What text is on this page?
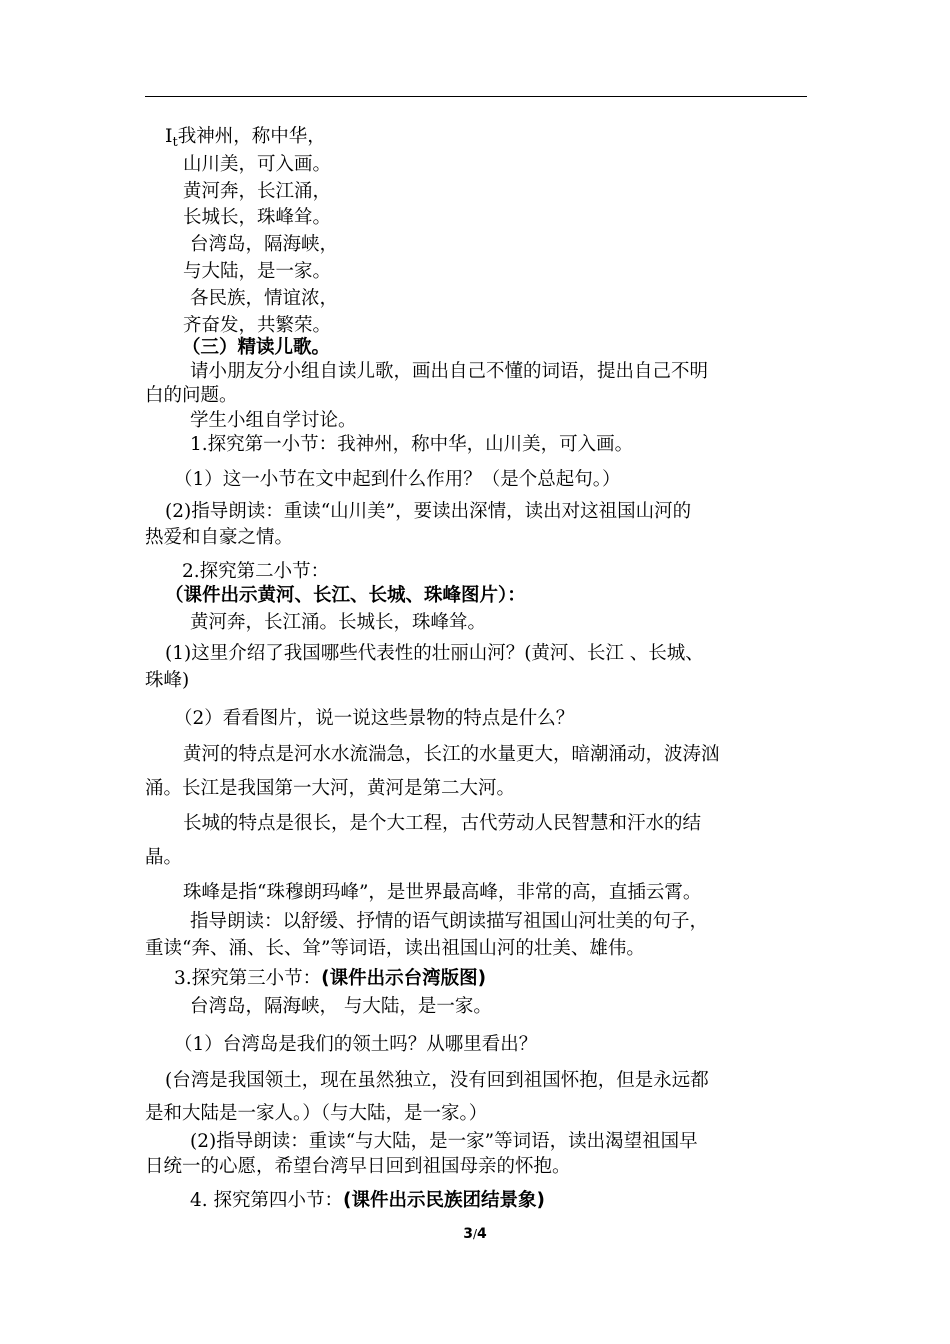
$I_t$我神州，称中华，
山川美，可入画。
黄河奔，长江涌，
长城长，珠峰耸。
台湾岛，隔海峡，
与大陆，是一家。
各民族，情谊浓，
齐奋发，共繁荣。
（三）精读儿歌。
请小朋友分小组自读儿歌，画出自己不懂的词语，提出自己不明
白的问题。
学生小组自学讨论。
1.探究第一小节：我神州，称中华，山川美，可入画。
（1）这一小节在文中起到什么作用？（是个总起句。）
(2)指导朗读：重读“山川美”，要读出深情，读出对这祖国山河的
热爱和自豪之情。
2.探究第二小节：
（课件出示黄河、长江、长城、珠峰图片）：
黄河奔，长江涌。长城长，珠峰耸。
(1)这里介绍了我国哪些代表性的壮丽山河？(黄河、长江 、长城、
珠峰)
（2）看看图片，说一说这些景物的特点是什么？
黄河的特点是河水水流湍急，长江的水量更大，暗潮涌动，波涛汹
涌。长江是我国第一大河，黄河是第二大河。
长城的特点是很长，是个大工程，古代劳动人民智慧和汗水的结
晶。
珠峰是指“珠穆朗玛峰”，是世界最高峰，非常的高，直插云霄。
指导朗读：以舒缓、抒情的语气朗读描写祖国山河壮美的句子，
重读“奔、涌、长、耸”等词语，读出祖国山河的壮美、雄伟。
3.探究第三小节：(课件出示台湾版图)
台湾岛，隔海峡， 与大陆，是一家。
（1）台湾岛是我们的领土吗？从哪里看出？
(台湾是我国领土，现在虽然独立，没有回到祖国怀抱，但是永远都
是和大陆是一家人。）（与大陆，是一家。）
(2)指导朗读：重读“与大陆，是一家”等词语，读出渴望祖国早
日统一的心愿，希望台湾早日回到祖国母亲的怀抱。
4. 探究第四小节：(课件出示民族团结景象)
3/4
